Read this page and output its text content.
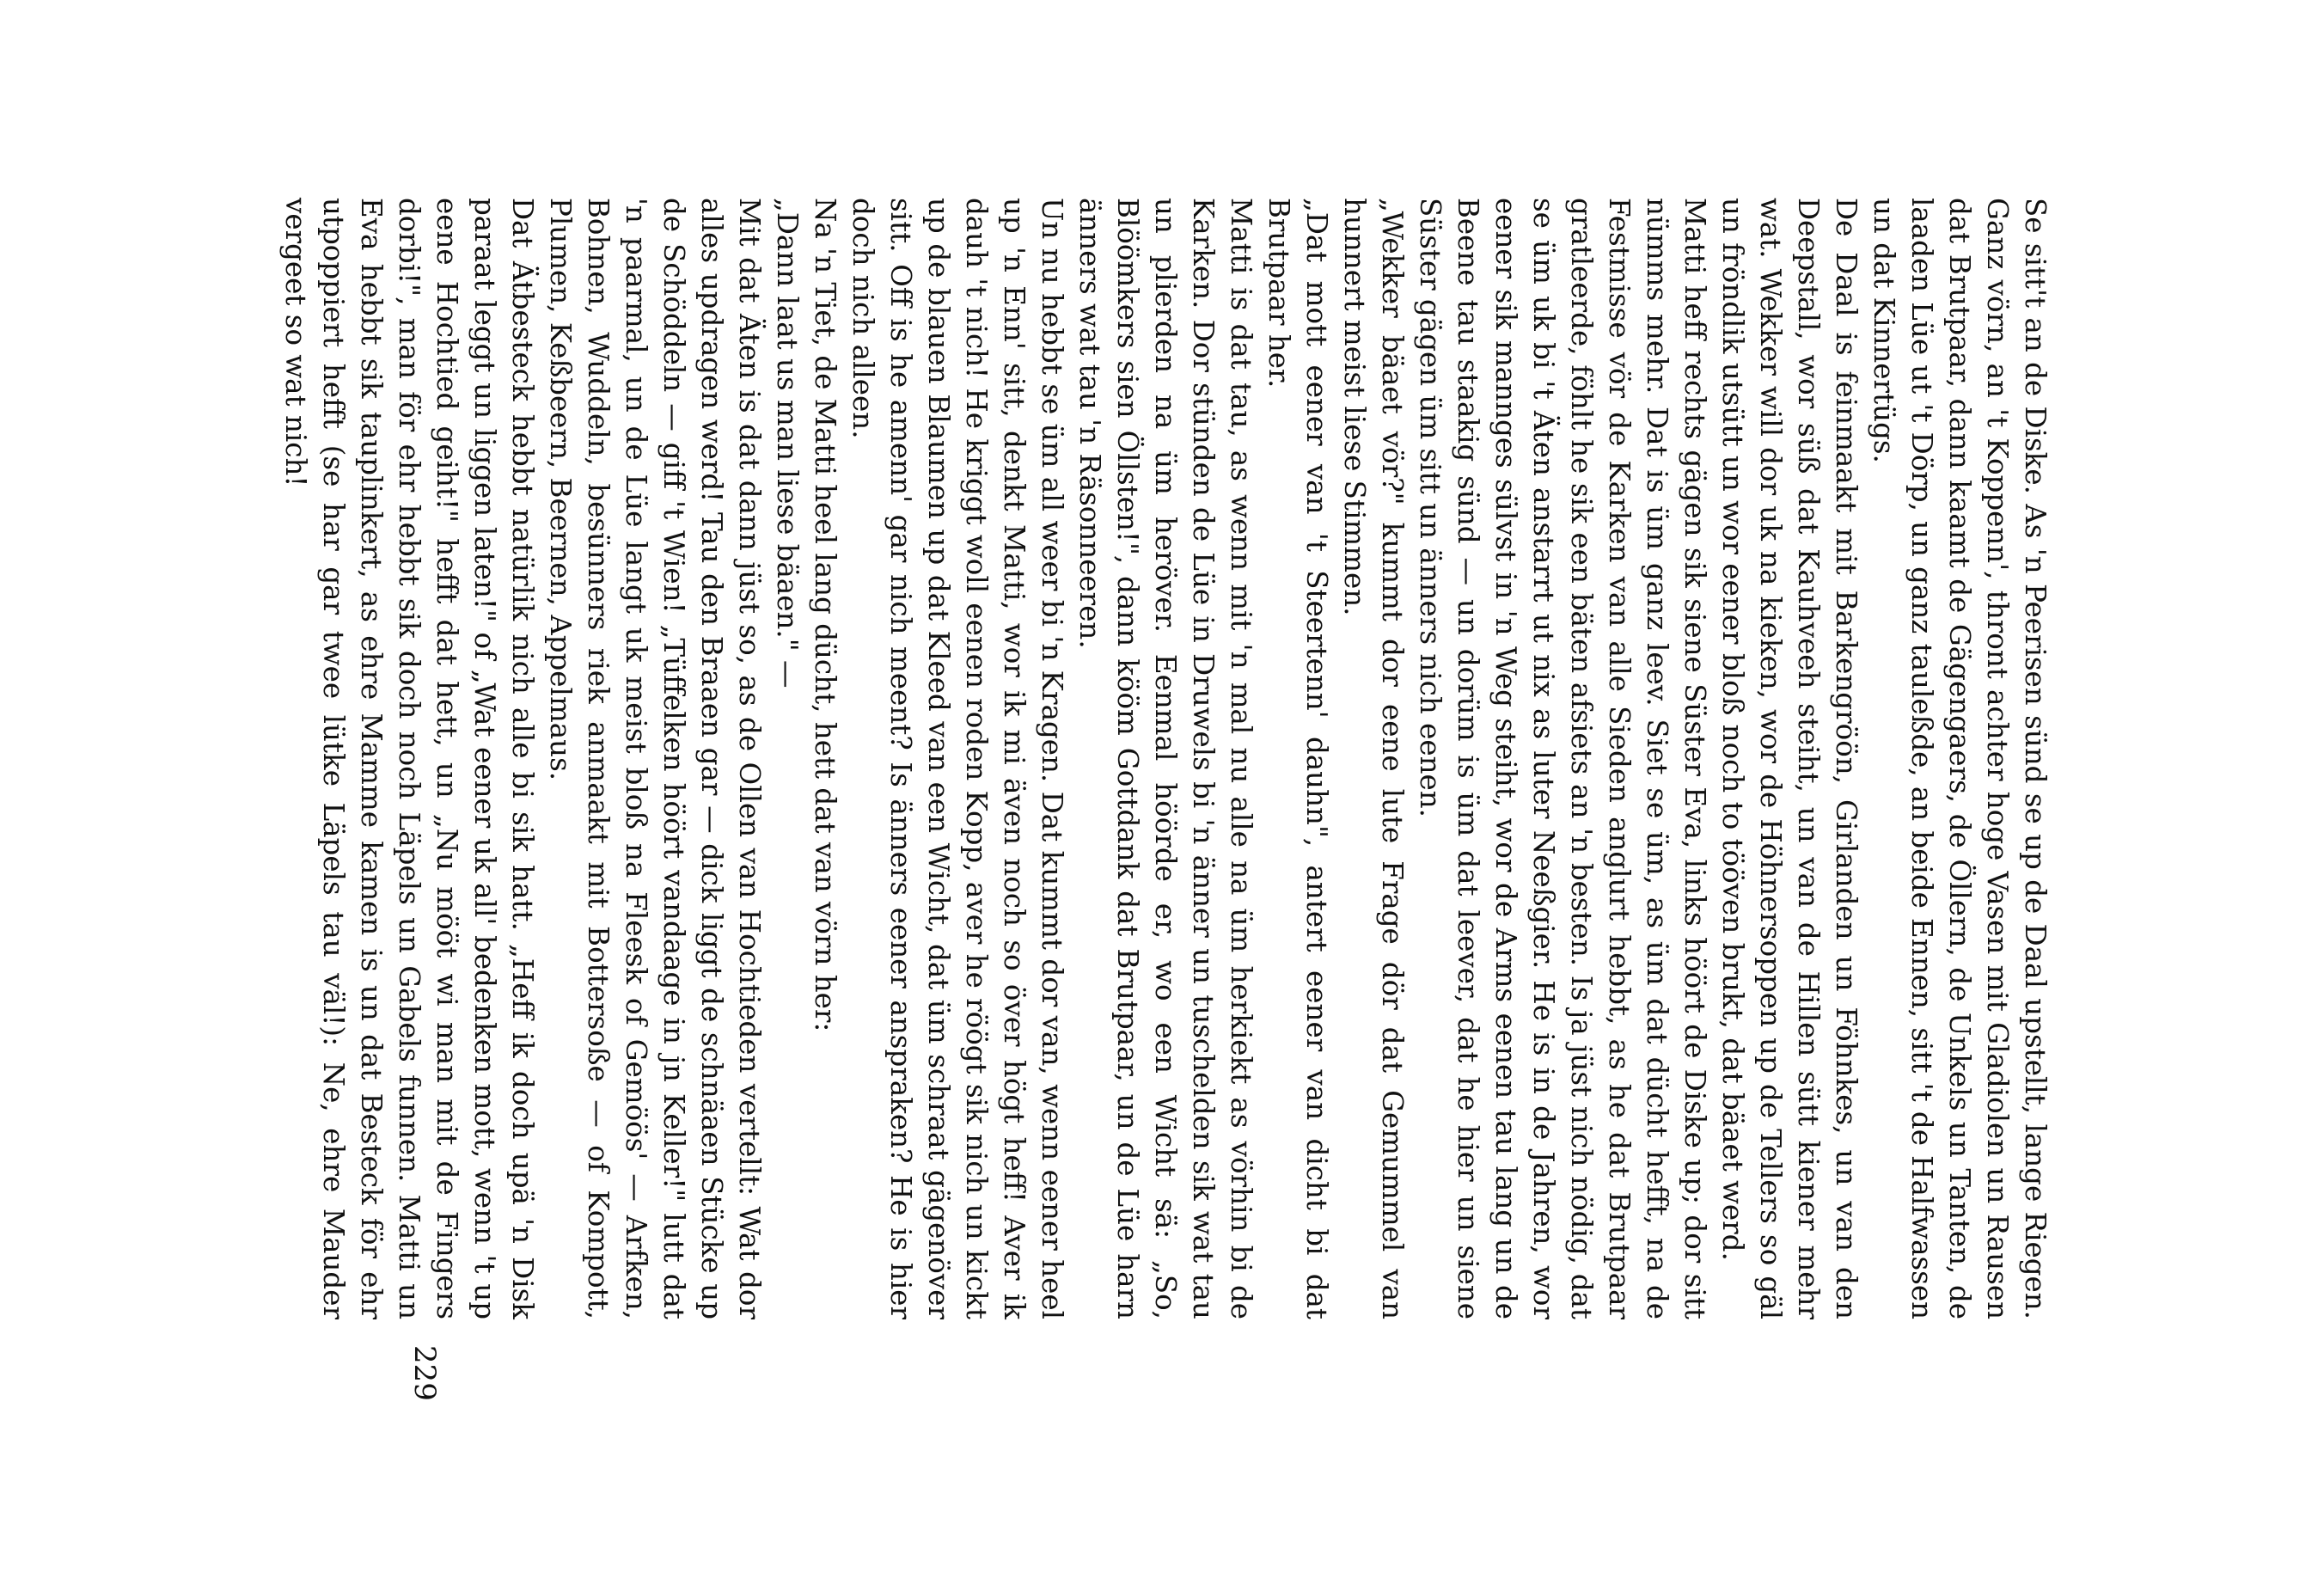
Se sitt't an de Diske. As 'n Peerisen sünd se up de Daal upstellt, lange Riegen. Ganz vörn, an 't Koppenn', thront achter hoge Vasen mit Gladiolen un Rausen dat Brutpaar, dann kaamt de Gägengaers, de Öllern, de Unkels un Tanten, de laaden Lüe ut 't Dörp, un ganz tauleßde, an beide Ennen, sitt 't de Halfwassen un dat Kinnertügs.

De Daal is feinmaakt mit Barkengröön, Girlanden un Föhnkes, un van den Deepstall, wor süß dat Kauhveeh steiht, un van de Hillen sütt kiener mehr wat. Wekker will dor uk na kieken, wor de Höhnersoppen up de Tellers so gäl un fröndlik utsütt un wor eener bloß noch to tööven brukt, dat bäaet werd.

Matti heff rechts gägen sik siene Süster Eva, links höört de Diske up; dor sitt nümms mehr. Dat is üm ganz leev. Siet se üm, as üm dat dücht hefft, na de Festmisse vör de Karken van alle Sieden anglurt hebbt, as he dat Brutpaar gratleerde, föhlt he sik een bäten afsiets an 'n besten. Is ja jüst nich nödig, dat se üm uk bi 't Äten anstarrt ut nix as luter Neeßgier. He is in de Jahren, wor eener sik mannges sülvst in 'n Weg steiht, wor de Arms eenen tau lang un de Beene tau staakig sünd — un dorüm is üm dat leever, dat he hier un siene Süster gägen üm sitt un änners nich eenen.

„Wekker bäaet vör?" kummt dor eene lute Frage dör dat Gemummel van hunnert meist liese Stimmen.

„Dat mott eener van 't Steertenn' dauhn", antert eener van dicht bi dat Brutpaar her.

Matti is dat tau, as wenn mit 'n mal nu alle na üm herkiekt as vörhin bi de Karken. Dor stünden de Lüe in Druwels bi 'n änner un tuschelden sik wat tau un plierden na üm heröver. Eenmal höörde er, wo een Wicht sä: „So, Blöömkers sien Öllsten!", dann kööm Gottdank dat Brutpaar, un de Lüe harn änners wat tau 'n Räsonneeren.

Un nu hebbt se üm all weer bi 'n Kragen. Dat kummt dor van, wenn eener heel up 'n Enn' sitt, denkt Matti, wor ik mi även noch so över högt heff! Aver ik dauh 't nich! He kriggt woll eenen roden Kopp, aver he röögt sik nich un kickt up de blauen Blaumen up dat Kleed van een Wicht, dat üm schraat gägenöver sitt. Off is he amenn' gar nich meent? Is änners eener anspraken? He is hier doch nich alleen.

Na 'n Tiet, de Matti heel lang dücht, hett dat van vörn her:

„Dann laat us man liese bäaen." —

Mit dat Äten is dat dann jüst so, as de Ollen van Hochtieden vertellt: Wat dor alles updragen werd! Tau den Braaen gar — dick liggt de schnäaen Stücke up de Schöddeln — giff 't Wien! „Tüffelken höört vandaage in jn Keller!" lutt dat 'n paarmal, un de Lüe langt uk meist bloß na Fleesk of Gemöös' — Arfken, Bohnen, Wuddeln, besünners riek anmaakt mit Bottersoße — of Kompott, Plumen, Keßbeern, Beernen, Appelmaus.

Dat Ätbesteck hebbt natürlik nich alle bi sik hatt. „Heff ik doch upä 'n Disk paraat leggt un liggen laten!" of „Wat eener uk all' bedenken mott, wenn 't up eene Hochtied geiht!" hefft dat hett, un „Nu mööt wi man mit de Fingers dorbi!", man för ehr hebbt sik doch noch Läpels un Gabels funnen. Matti un Eva hebbt sik tauplinkert, as ehre Mamme kamen is un dat Besteck för ehr utpoppiert hefft (se har gar twee lütke Läpels tau väl!): Ne, ehre Mauder vergeet so wat nich!

229
